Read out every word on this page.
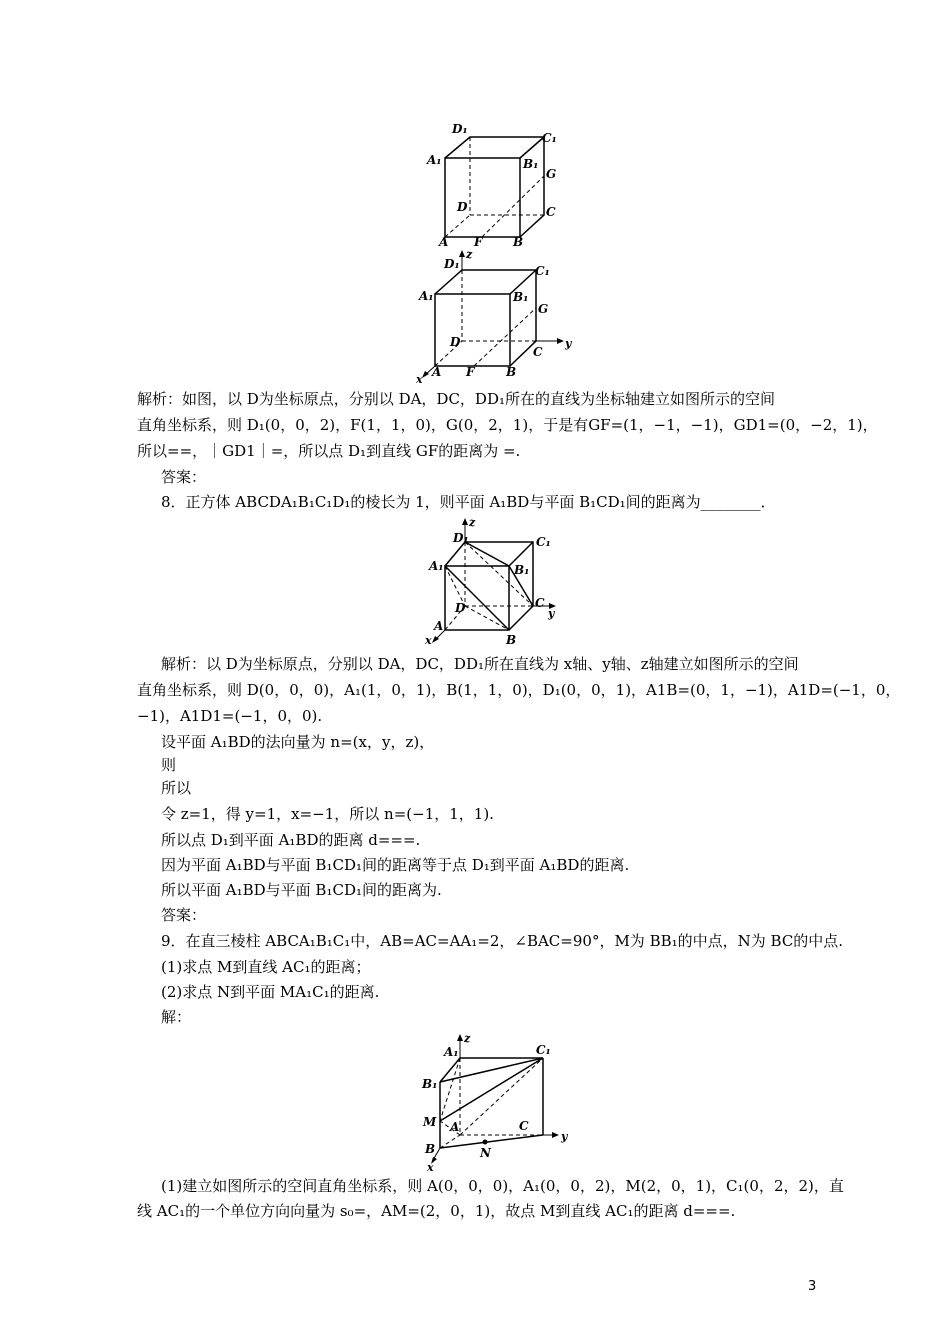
D₁
C₁
A₁	B₁
G
D	C
A F	B
z
D₁	C₁
A₁	B₁
G
D
C
y
A F	B
x
解析：如图，以 D为坐标原点，分别以 DA，DC，DD₁所在的直线为坐标轴建立如图所示的空间
直角坐标系，则 D₁(0，0，2)，F(1，1，0)，G(0，2，1)，于是有GF=(1，−1，−1)，GD1=(0，−2，1)，
所以==，｜GD1｜=，所以点 D₁到直线 GF的距离为 =.
答案：
8．正方体 ABCDA₁B₁C₁D₁的棱长为 1，则平面 A₁BD与平面 B₁CD₁间的距离为________．
z
D₁	C₁
A₁	B₁
D	C
y
A
B
x
解析：以 D为坐标原点，分别以 DA，DC，DD₁所在直线为 x轴、y轴、z轴建立如图所示的空间
直角坐标系，则 D(0，0，0)，A₁(1，0，1)，B(1，1，0)，D₁(0，0，1)，A1B=(0，1，−1)，A1D=(−1，0，
−1)，A1D1=(−1，0，0).
设平面 A₁BD的法向量为 n=(x，y，z)，
则
所以
令 z=1，得 y=1，x=−1，所以 n=(−1，1，1).
所以点 D₁到平面 A₁BD的距离 d===.
因为平面 A₁BD与平面 B₁CD₁间的距离等于点 D₁到平面 A₁BD的距离.
所以平面 A₁BD与平面 B₁CD₁间的距离为.
答案：
9．在直三棱柱 ABCA₁B₁C₁中，AB=AC=AA₁=2，∠BAC=90°，M为 BB₁的中点，N为 BC的中点.
(1)求点 M到直线 AC₁的距离；
(2)求点 N到平面 MA₁C₁的距离.
解：
z
A₁	C₁
B₁
M A	C
y
B	N
x
(1)建立如图所示的空间直角坐标系，则 A(0，0，0)，A₁(0，0，2)，M(2，0，1)，C₁(0，2，2)，直
线 AC₁的一个单位方向向量为 s₀=，AM=(2，0，1)，故点 M到直线 AC₁的距离 d===.
3
